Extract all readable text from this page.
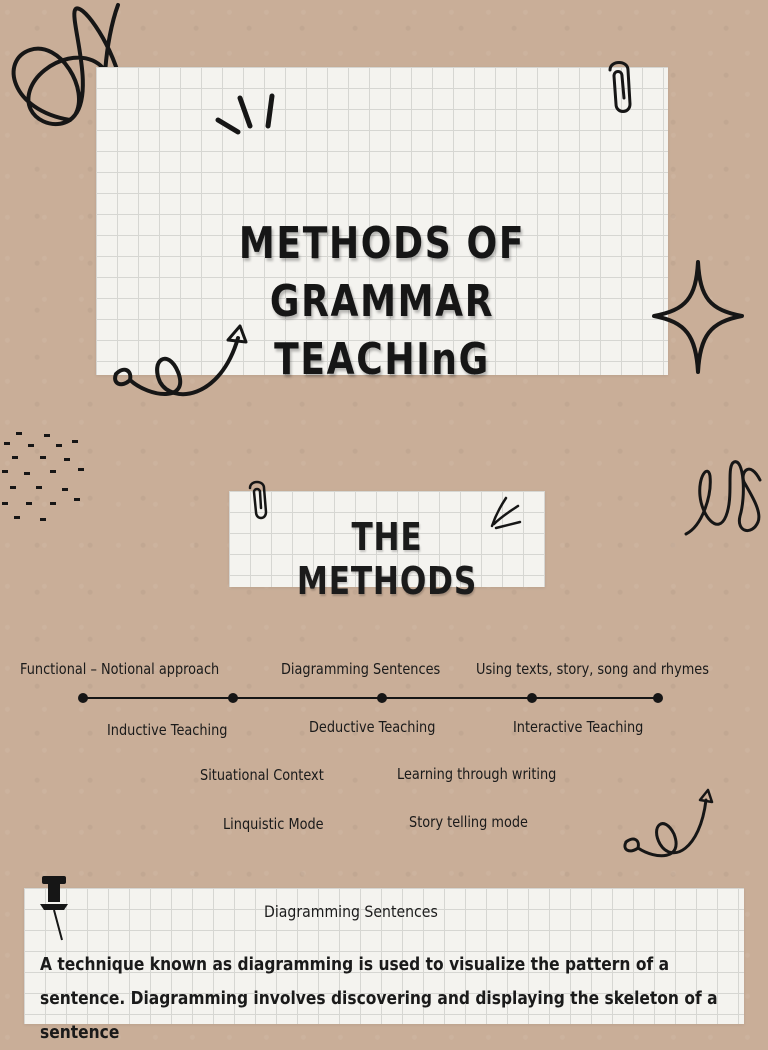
METHODS OF
GRAMMAR
TEACHInG
THE METHODS
Functional – Notional approach	Diagramming Sentences Using texts, story, song and rhymes
Inductive Teaching	Deductive Teaching	Interactive Teaching
Situational Context	Learning through writing
Linquistic Mode	Story telling mode
Diagramming Sentences
A technique known as diagramming is used to visualize the pattern of a
sentence. Diagramming involves discovering and displaying the skeleton of a
sentence
